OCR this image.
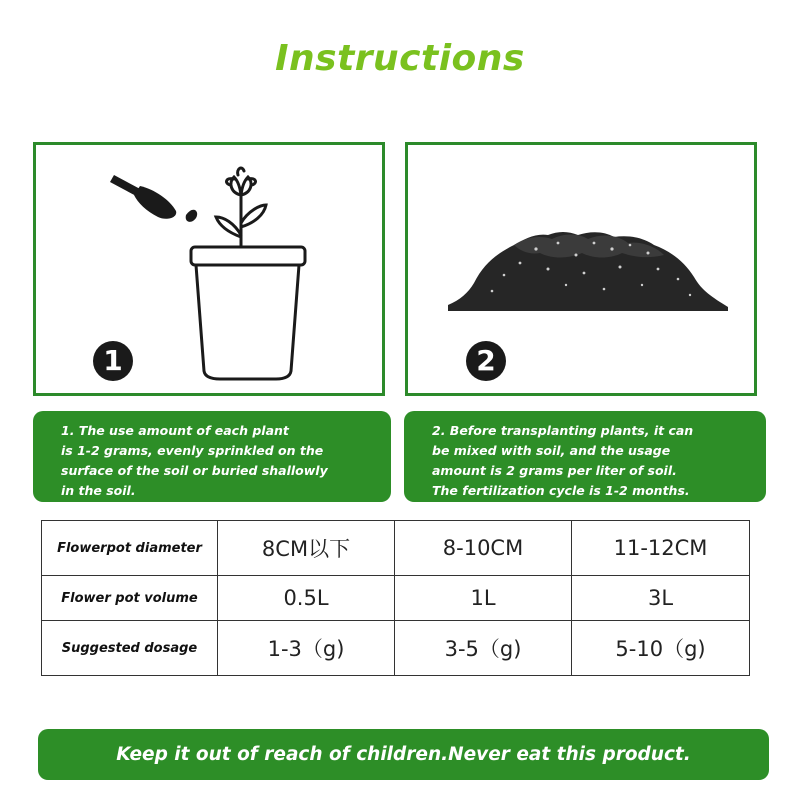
Instructions
1	2

1. The use amount of each plant

is 1-2 grams, evenly sprinkled on the

surface of the soil or buried shallowly

in the soil.

2. Before transplanting plants, it can

be mixed with soil, and the usage

amount is 2 grams per liter of soil.

The fertilization cycle is 1-2 months.

Flowerpot diameter	8CM以下	8-10CM	11-12CM
Flower pot volume	0.5L	1L	3L
Suggested dosage	1-3（g)	3-5（g)	5-10（g)
Keep it out of reach of children.Never eat this product.
